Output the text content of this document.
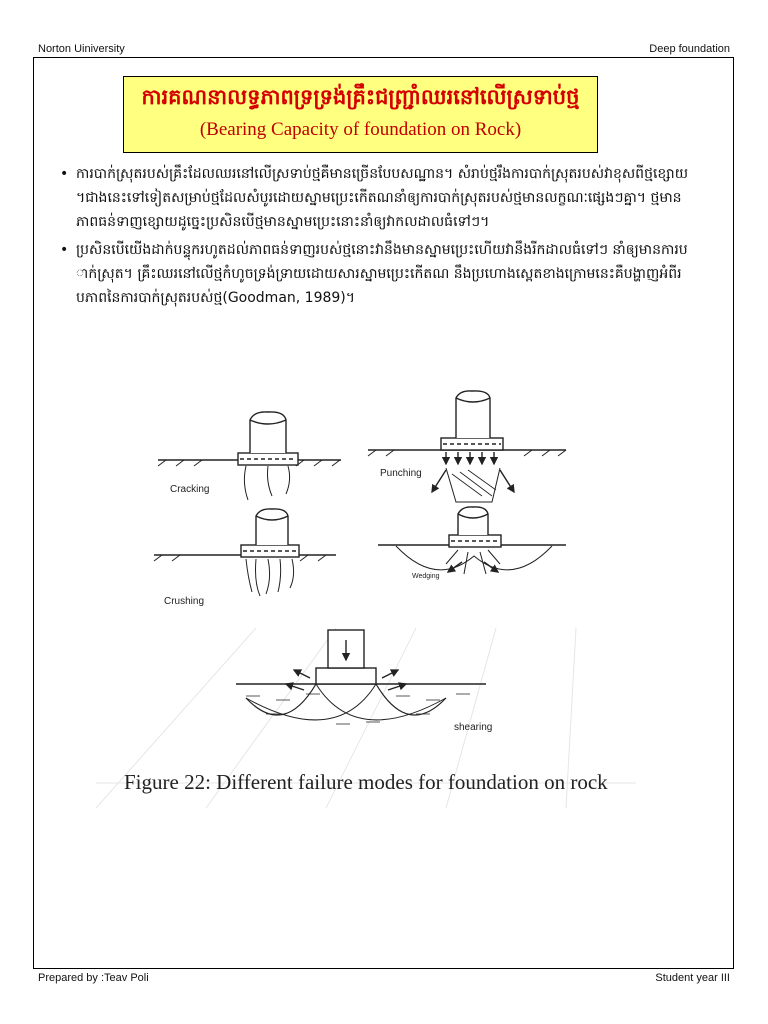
Norton Uiniversity	Deep foundation
ការគណនាលទ្ធភាពទ្រទ្រង់គ្រឹះជញ្ជ្រាំឈរនៅលើស្រទាប់ថ្ម
(Bearing Capacity of foundation on Rock)
• ការបាក់ស្រុតរបស់គ្រឹះដែលឈរនៅលើស្រទាប់ថ្មគឺមានច្រើនបែបសណ្ឋាន។ សំរាប់ថ្មរឹងការបាក់ស្រុតរបស់វាខុសពីថ្មខ្សោយ។ជាងនេះទៅទៀតសម្រាប់ថ្មដែលសំបូរដោយស្នាមប្រេះកើតណនាំឲ្យការបាក់ស្រុតរបស់ថ្មមានលក្ខណៈផ្សេងៗគ្នា។ ថ្មមានភាពធន់ទាញខ្សោយដូច្នេះប្រសិនបើថ្មមានស្នាមប្រេះនោះនាំឲ្យវាកលដាលធំទៅៗ។
• ប្រសិនបើយើងដាក់បន្ទុករហូតដល់ភាពធន់ទាញរបស់ថ្មនោះវានឹងមានស្នាមប្រេះហើយវានឹងរីកដាលធំទៅៗ នាំឲ្យមានការបាក់ស្រុត។ គ្រឹះឈរនៅលើថ្មកំហូចទ្រង់ទ្រាយដោយសារស្នាមប្រេះកើតណ នឹងប្រហោងស្ពេតខាងក្រោមនេះគឺបង្ហាញអំពីរបភាពនៃការបាក់ស្រុតរបស់ថ្ម(Goodman, 1989)។
Cracking
Punching
Crushing
Wedging
shearing
Figure 22: Different failure modes for foundation on rock
Prepared by :Teav Poli	Student year III
